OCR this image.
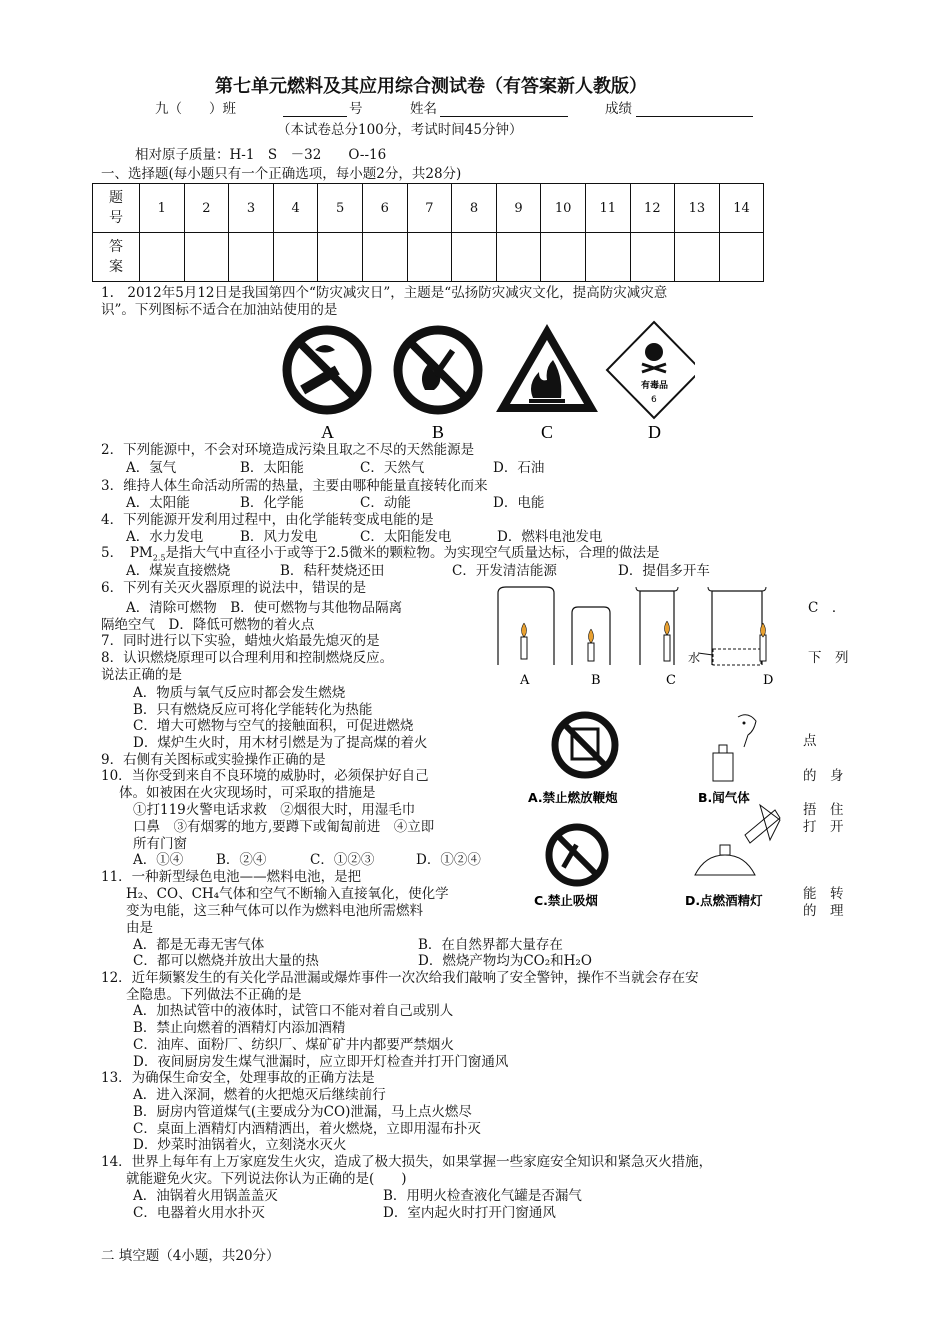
第七单元燃料及其应用综合测试卷（有答案新人教版）
九（　　）班	号	姓名	成绩
（本试卷总分100分，考试时间45分钟）
相对原子质量：H-1　S　－32　　O--16
一、选择题(每小题只有一个正确选项，每小题2分，共28分)
题
号	1	2	3	4	5	6	7	8	9	10	11	12	13	14
答
案														
1.　2012年5月12日是我国第四个“防灾减灾日”，主题是“弘扬防灾减灾文化，提高防灾减灾意
识”。下列图标不适合在加油站使用的是
A	B	C
有毒品
6
D
2．下列能源中，不会对环境造成污染且取之不尽的天然能源是
A．氢气	B．太阳能	C．天然气	D．石油
3．维持人体生命活动所需的热量，主要由哪种能量直接转化而来
A．太阳能	B．化学能	C．动能	D．电能
4．下列能源开发利用过程中，由化学能转变成电能的是
A．水力发电	B．风力发电	C．太阳能发电	D．燃料电池发电
5．　$PM_{2.5}$是指大气中直径小于或等于2.5微米的颗粒物。为实现空气质量达标，合理的做法是
A．煤炭直接燃烧	B．秸秆焚烧还田	C．开发清洁能源	D．提倡多开车
6．下列有关灭火器原理的说法中，错误的是
A．清除可燃物　B．使可燃物与其他物品隔离	C　．
隔绝空气　D．降低可燃物的着火点
7．同时进行以下实验，蜡烛火焰最先熄灭的是
8．认识燃烧原理可以合理利用和控制燃烧反应。	下　列
说法正确的是
A．物质与氧气反应时都会发生燃烧
B．只有燃烧反应可将化学能转化为热能
C．增大可燃物与空气的接触面积，可促进燃烧
D．煤炉生火时，用木材引燃是为了提高煤的着火
水
A	B	C	D
9．右侧有关图标或实验操作正确的是
点
10．当你受到来自不良环境的威胁时，必须保护好自己	的　身
体。如被困在火灾现场时，可采取的措施是
①打119火警电话求救　②烟很大时，用湿毛巾	捂　住
口鼻　③有烟雾的地方,要蹲下或匍匐前进　④立即	打　开
所有门窗
A．①④ B．②④	C．①②③	D．①②④
11．一种新型绿色电池——燃料电池，是把
能　转
H₂、CO、CH₄气体和空气不断输入直接氧化，使化学
变为电能，这三种气体可以作为燃料电池所需燃料	的　理
由是
A．都是无毒无害气体	B．在自然界都大量存在
C．都可以燃烧并放出大量的热	D．燃烧产物均为CO₂和H₂O
A.禁止燃放鞭炮	B.闻气体
C.禁止吸烟	D.点燃酒精灯
12．近年频繁发生的有关化学品泄漏或爆炸事件一次次给我们敲响了安全警钟，操作不当就会存在安
全隐患。下列做法不正确的是
A．加热试管中的液体时，试管口不能对着自己或别人
B．禁止向燃着的酒精灯内添加酒精
C．油库、面粉厂、纺织厂、煤矿矿井内都要严禁烟火
D．夜间厨房发生煤气泄漏时，应立即开灯检查并打开门窗通风
13．为确保生命安全，处理事故的正确方法是
A．进入深洞，燃着的火把熄灭后继续前行
B．厨房内管道煤气(主要成分为CO)泄漏，马上点火燃尽
C．桌面上酒精灯内酒精洒出，着火燃烧，立即用湿布扑灭
D．炒菜时油锅着火，立刻浇水灭火
14．世界上每年有上万家庭发生火灾，造成了极大损失，如果掌握一些家庭安全知识和紧急灭火措施，
就能避免火灾。下列说法你认为正确的是(　　)
A．油锅着火用锅盖盖灭	B．用明火检查液化气罐是否漏气
C．电器着火用水扑灭	D．室内起火时打开门窗通风
二 填空题（4小题，共20分）
